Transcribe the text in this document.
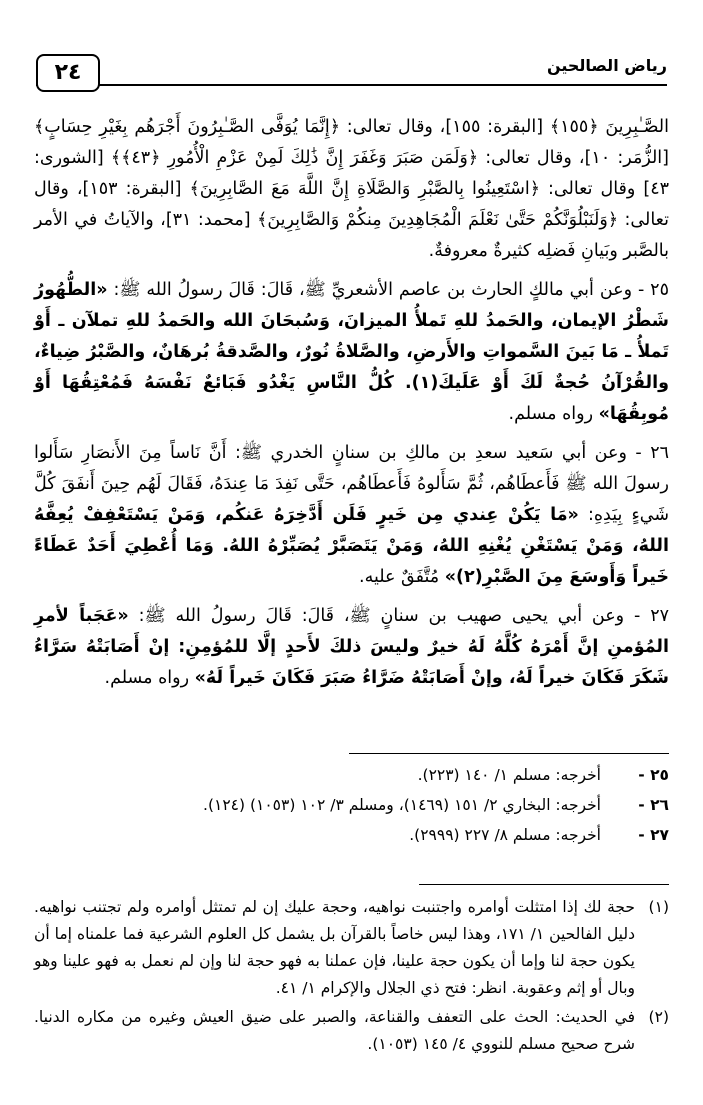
٢٤	رياض الصالحين

الصَّـٰبِرِينَ ﴿١٥٥﴾ [البقرة: ١٥٥]، وقال تعالى: ﴿إِنَّمَا يُوَفَّى الصَّـٰبِرُونَ أَجْرَهُم بِغَيْرِ حِسَابٍ﴾ [الزُّمَر: ١٠]، وقال تعالى: ﴿وَلَمَن صَبَرَ وَغَفَرَ إِنَّ ذَٰلِكَ لَمِنْ عَزْمِ الْأُمُورِ ﴿٤٣﴾﴾ [الشورى: ٤٣] وقال تعالى: ﴿اسْتَعِينُوا بِالصَّبْرِ وَالصَّلَاةِ إِنَّ اللَّهَ مَعَ الصَّابِرِينَ﴾ [البقرة: ١٥٣]، وقال تعالى: ﴿وَلَنَبْلُوَنَّكُمْ حَتَّىٰ نَعْلَمَ الْمُجَاهِدِينَ مِنكُمْ وَالصَّابِرِينَ﴾ [محمد: ٣١]، والآياتُ في الأمر بالصَّبر وبَيانِ فَضلِه كثيرةٌ معروفةٌ.

٢٥ - وعن أبي مالكٍ الحارث بن عاصم الأشعريِّ ﷺ، قَالَ: قَالَ رسولُ الله ﷺ: «الطُّهُورُ شَطْرُ الإيمان، والحَمدُ للهِ تَملأُ الميزانَ، وَسُبحَانَ الله والحَمدُ للهِ تملآن ـ أَوْ تَملأُ ـ مَا بَينَ السَّمواتِ والأَرضِ، والصَّلاةُ نُورٌ، والصَّدقةُ بُرهَانٌ، والصَّبْرُ ضِياءٌ، والقُرْآنُ حُجةٌ لَكَ أَوْ عَلَيكَ(١). كُلُّ النَّاسِ يَغْدُو فَبَائعٌ نَفْسَهُ فَمُعْتِقُهَا أَوْ مُوبِقُهَا» رواه مسلم.

٢٦ - وعن أبي سَعيد سعدِ بن مالكِ بن سنانٍ الخدري ﷺ: أَنَّ نَاساً مِنَ الأَنصَارِ سَأَلوا رسولَ الله ﷺ فَأَعطَاهُم، ثُمَّ سَأَلوهُ فَأَعطَاهُم، حَتَّى نَفِدَ مَا عِندَهُ، فَقَالَ لَهُم حِينَ أَنفَقَ كُلَّ شَيءٍ بِيَدِهِ: «مَا يَكُنْ عِندي مِن خَيرٍ فَلَن أَدَّخِرَهُ عَنكُم، وَمَنْ يَسْتَعْفِفْ يُعِفَّهُ اللهُ، وَمَنْ يَسْتَغْنِ يُغْنِهِ اللهُ، وَمَنْ يَتَصَبَّرْ يُصَبِّرْهُ اللهُ. وَمَا أُعْطِيَ أَحَدٌ عَطَاءً خَيراً وَأَوسَعَ مِنَ الصَّبْرِ(٢)» مُتَّفَقٌ عليه.

٢٧ - وعن أبي يحيى صهيب بن سنانٍ ﷺ، قَالَ: قَالَ رسولُ الله ﷺ: «عَجَباً لأمرِ المُؤمنِ إنَّ أَمْرَهُ كُلَّهُ لَهُ خيرٌ وليسَ ذلكَ لأَحدٍ إلَّا للمُؤمِنِ: إنْ أَصَابَتْهُ سَرَّاءُ شَكَرَ فَكَانَ خيراً لَهُ، وإنْ أَصَابَتْهُ ضَرَّاءُ صَبَرَ فَكَانَ خَيراً لَهُ» رواه مسلم.

٢٥ -
أخرجه: مسلم ١/ ١٤٠ (٢٢٣).
٢٦ -
أخرجه: البخاري ٢/ ١٥١ (١٤٦٩)، ومسلم ٣/ ١٠٢ (١٠٥٣) (١٢٤).
٢٧ -
أخرجه: مسلم ٨/ ٢٢٧ (٢٩٩٩).
(١)
حجة لك إذا امتثلت أوامره واجتنبت نواهيه، وحجة عليك إن لم تمتثل أوامره ولم تجتنب نواهيه. دليل الفالحين ١/ ١٧١، وهذا ليس خاصاً بالقرآن بل يشمل كل العلوم الشرعية فما علمناه إما أن يكون حجة لنا وإما أن يكون حجة علينا، فإن عملنا به فهو حجة لنا وإن لم نعمل به فهو علينا وهو وبال أو إثم وعقوبة. انظر: فتح ذي الجلال والإكرام ١/ ٤١.
(٢)
في الحديث: الحث على التعفف والقناعة، والصبر على ضيق العيش وغيره من مكاره الدنيا. شرح صحيح مسلم للنووي ٤/ ١٤٥ (١٠٥٣).
